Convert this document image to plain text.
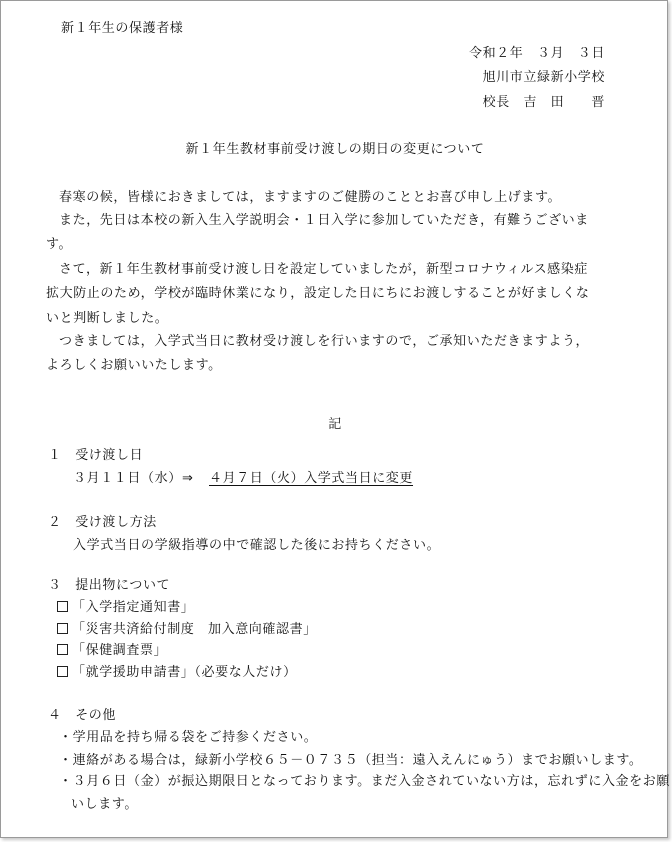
新１年生の保護者様
令和２年　３月　３日
旭川市立緑新小学校
校長　吉　田　　晋
新１年生教材事前受け渡しの期日の変更について
春寒の候，皆様におきましては，ますますのご健勝のこととお喜び申し上げます。
また，先日は本校の新入生入学説明会・１日入学に参加していただき，有難うございま
す。
さて，新１年生教材事前受け渡し日を設定していましたが，新型コロナウィルス感染症
拡大防止のため，学校が臨時休業になり，設定した日にちにお渡しすることが好ましくな
いと判断しました。
つきましては，入学式当日に教材受け渡しを行いますので，ご承知いただきますよう，
よろしくお願いいたします。
記
１　受け渡し日
３月１１日（水） ⇒ ４月７日（火）入学式当日に変更
２　受け渡し方法
入学式当日の学級指導の中で確認した後にお持ちください。
３　提出物について
「入学指定通知書」
「災害共済給付制度　加入意向確認書」
「保健調査票」
「就学援助申請書」（必要な人だけ）
４　その他
・学用品を持ち帰る袋をご持参ください。
・連絡がある場合は，緑新小学校６５－０７３５（担当：遠入えんにゅう）までお願いします。
・３月６日（金）が振込期限日となっております。まだ入金されていない方は，忘れずに入金をお願
いします。
